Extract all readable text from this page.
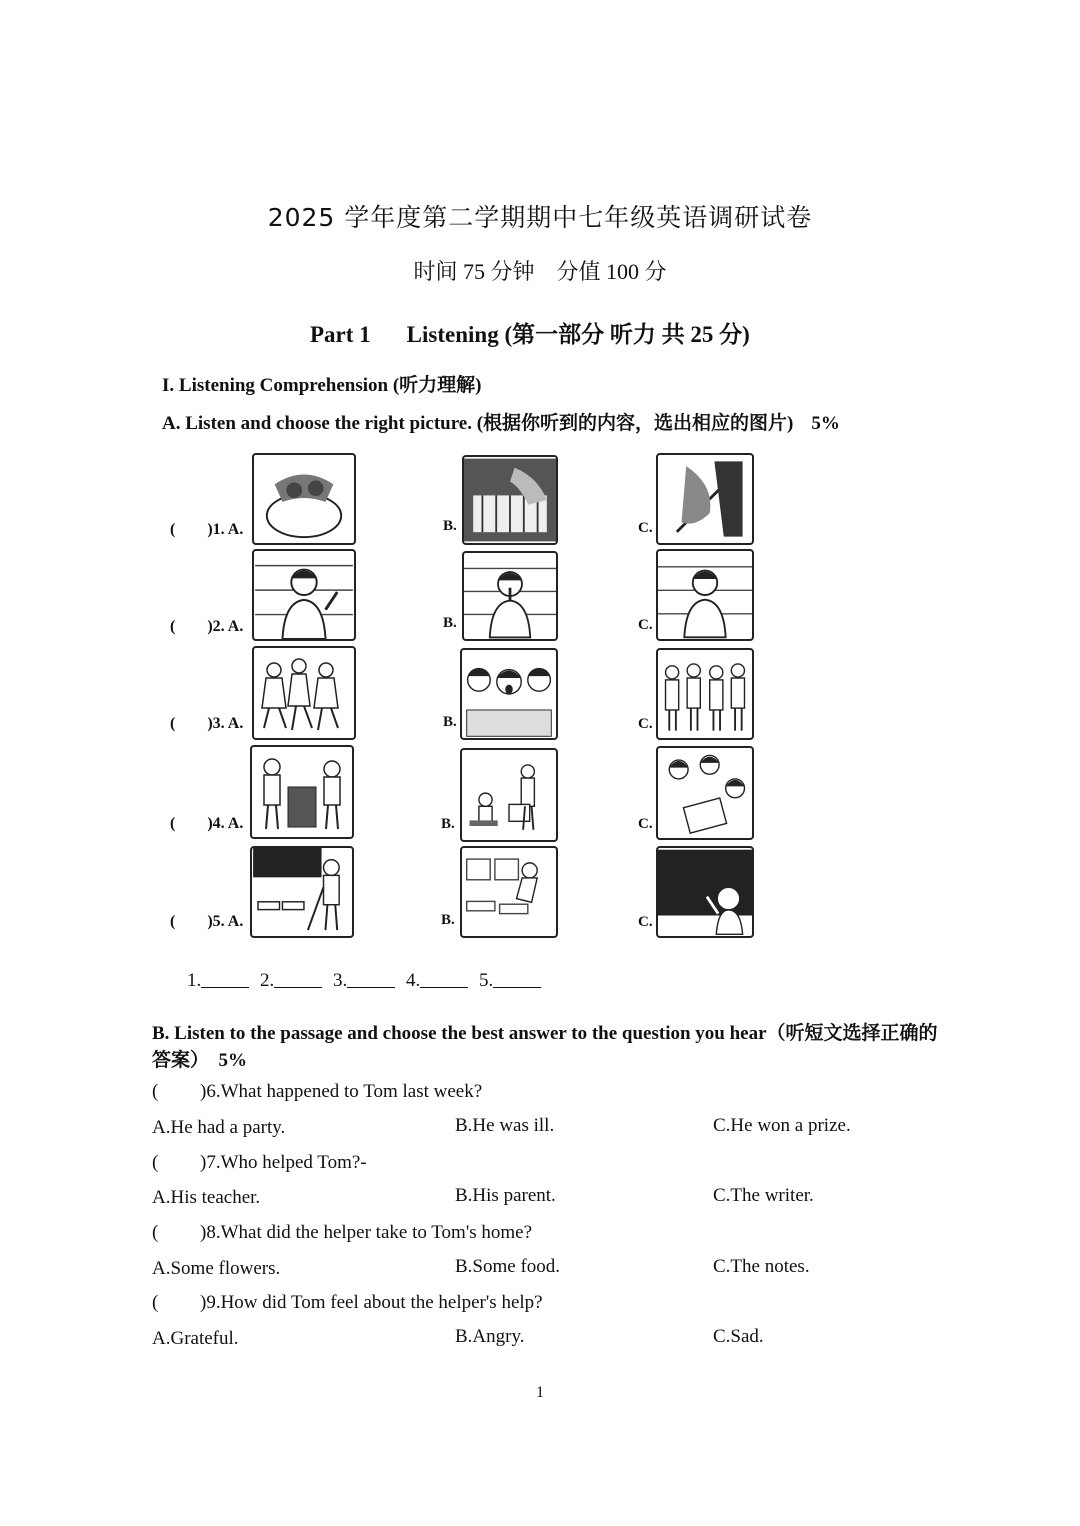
2025 学年度第二学期期中七年级英语调研试卷
时间 75 分钟　分值 100 分
Part 1 Listening (第一部分 听力 共 25 分)
I. Listening Comprehension (听力理解)
A. Listen and choose the right picture. (根据你听到的内容，选出相应的图片) 5%
(　　)1. A.	B.	C.
(　　)2. A.	B.	C.
(　　)3. A.	B.	C.
(　　)4. A.	B.	C.
(　　)5. A.	B.	C.
1.	2.	3.	4.	5.
B. Listen to the passage and choose the best answer to the question you hear（听短文选择正确的答案） 5%
( )6.What happened to Tom last week?
A.He had a party.	B.He was ill.	C.He won a prize.
( )7.Who helped Tom?-
A.His teacher.	B.His parent.	C.The writer.
( )8.What did the helper take to Tom's home?
A.Some flowers.	B.Some food.	C.The notes.
( )9.How did Tom feel about the helper's help?
A.Grateful.	B.Angry.	C.Sad.
1
